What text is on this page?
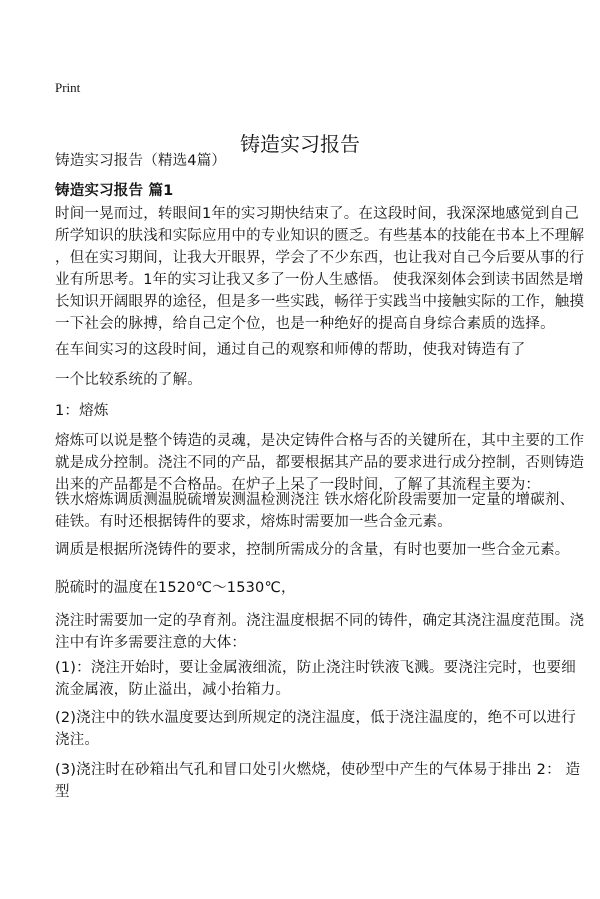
Print
铸造实习报告
铸造实习报告（精选4篇）
铸造实习报告 篇1
时间一晃而过，转眼间1年的实习期快结束了。在这段时间，我深深地感觉到自己
所学知识的肤浅和实际应用中的专业知识的匮乏。有些基本的技能在书本上不理解
，但在实习期间，让我大开眼界，学会了不少东西，也让我对自己今后要从事的行
业有所思考。1年的实习让我又多了一份人生感悟。 使我深刻体会到读书固然是增
长知识开阔眼界的途径，但是多一些实践，畅徉于实践当中接触实际的工作，触摸
一下社会的脉搏，给自己定个位，也是一种绝好的提高自身综合素质的选择。
在车间实习的这段时间，通过自己的观察和师傅的帮助，使我对铸造有了
一个比较系统的了解。
1：熔炼
熔炼可以说是整个铸造的灵魂，是决定铸件合格与否的关键所在，其中主要的工作
就是成分控制。浇注不同的产品，都要根据其产品的要求进行成分控制，否则铸造
出来的产品都是不合格品。在炉子上呆了一段时间，了解了其流程主要为：
铁水熔炼调质测温脱硫增炭测温检测浇注 铁水熔化阶段需要加一定量的增碳剂、
硅铁。有时还根据铸件的要求，熔炼时需要加一些合金元素。
调质是根据所浇铸件的要求，控制所需成分的含量，有时也要加一些合金元素。
脱硫时的温度在1520℃～1530℃，
浇注时需要加一定的孕育剂。浇注温度根据不同的铸件，确定其浇注温度范围。浇
注中有许多需要注意的大体：
(1)：浇注开始时，要让金属液细流，防止浇注时铁液飞溅。要浇注完时，也要细
流金属液，防止溢出，减小抬箱力。
(2)浇注中的铁水温度要达到所规定的浇注温度，低于浇注温度的，绝不可以进行
浇注。
(3)浇注时在砂箱出气孔和冒口处引火燃烧，使砂型中产生的气体易于排出 2： 造
型
